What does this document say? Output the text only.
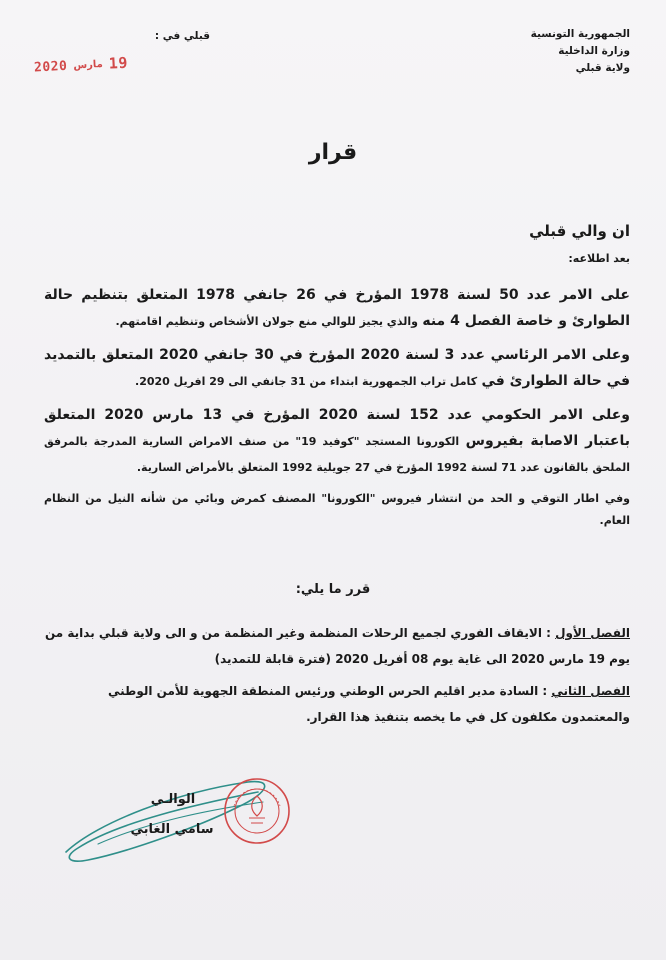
الجمهورية التونسية
وزارة الداخلية
ولاية قبلي
قبلي في :
2020 مارس 19
قرار
ان والي قبلي
بعد اطلاعه:

على الامر عدد 50 لسنة 1978 المؤرخ في 26 جانفي 1978 المتعلق بتنظيم حالة الطوارئ و خاصة الفصل 4 منه والذي يجيز للوالي منع جولان الأشخاص وتنظيم اقامتهم.

وعلى الامر الرئاسي عدد 3 لسنة 2020 المؤرخ في 30 جانفي 2020 المتعلق بالتمديد في حالة الطوارئ في كامل تراب الجمهورية ابتداء من 31 جانفي الى 29 افريل 2020.

وعلى الامر الحكومي عدد 152 لسنة 2020 المؤرخ في 13 مارس 2020 المتعلق باعتبار الاصابة بفيروس الكورونا المستجد "كوفيد 19" من صنف الامراض السارية المدرجة بالمرفق الملحق بالقانون عدد 71 لسنة 1992 المؤرخ في 27 جويلية 1992 المتعلق بالأمراض السارية.

وفي اطار التوقي و الحد من انتشار فيروس "الكورونا" المصنف كمرض وبائي من شأنه النيل من النظام العام.

قرر ما يلي:
الفصل الأول : الايقاف الفوري لجميع الرحلات المنظمة وغير المنظمة من و الى ولاية قبلي بداية من يوم 19 مارس 2020 الى غاية يوم 08 أفريل 2020 (فترة قابلة للتمديد)
الفصل الثاني : السادة مدير اقليم الحرس الوطني ورئيس المنطقة الجهوية للأمن الوطني والمعتمدون مكلفون كل في ما يخصه بتنفيذ هذا القرار.
الوالـي
سامي الغابي
